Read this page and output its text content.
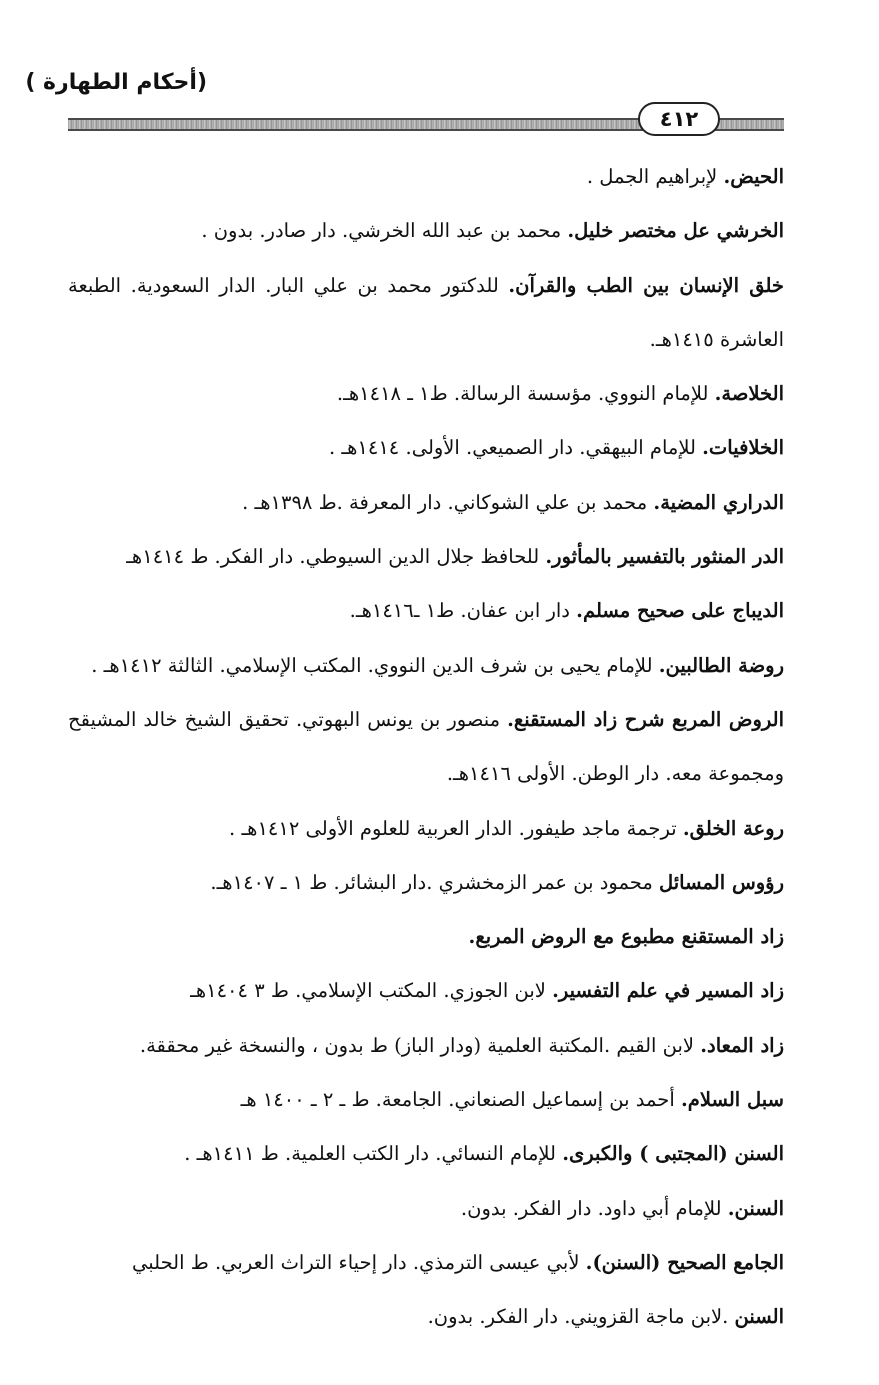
(أحكام الطهارة )
٤١٢
الحيض. لإبراهيم الجمل .
الخرشي عل مختصر خليل. محمد بن عبد الله الخرشي. دار صادر. بدون .
خلق الإنسان بين الطب والقرآن. للدكتور محمد بن علي البار. الدار السعودية. الطبعة
العاشرة ١٤١٥هـ.
الخلاصة. للإمام النووي. مؤسسة الرسالة. ط١ ـ ١٤١٨هـ.
الخلافيات. للإمام البيهقي. دار الصميعي. الأولى. ١٤١٤هـ .
الدراري المضية. محمد بن علي الشوكاني. دار المعرفة .ط ١٣٩٨هـ .
الدر المنثور بالتفسير بالمأثور. للحافظ جلال الدين السيوطي. دار الفكر. ط ١٤١٤هـ
الديباج على صحيح مسلم. دار ابن عفان. ط١ ـ١٤١٦هـ.
روضة الطالبين. للإمام يحيى بن شرف الدين النووي. المكتب الإسلامي. الثالثة ١٤١٢هـ .
الروض المربع شرح زاد المستقنع. منصور بن يونس البهوتي. تحقيق الشيخ خالد المشيقح
ومجموعة معه. دار الوطن. الأولى ١٤١٦هـ.
روعة الخلق. ترجمة ماجد طيفور. الدار العربية للعلوم الأولى ١٤١٢هـ .
رؤوس المسائل محمود بن عمر الزمخشري .دار البشائر. ط ١ ـ ١٤٠٧هـ.
زاد المستقنع مطبوع مع الروض المربع.
زاد المسير في علم التفسير. لابن الجوزي. المكتب الإسلامي. ط ٣ ١٤٠٤هـ
زاد المعاد. لابن القيم .المكتبة العلمية (ودار الباز) ط بدون ، والنسخة غير محققة.
سبل السلام. أحمد بن إسماعيل الصنعاني. الجامعة. ط ـ ٢ ـ ١٤٠٠ هـ
السنن (المجتبى ) والكبرى. للإمام النسائي. دار الكتب العلمية. ط ١٤١١هـ .
السنن. للإمام أبي داود. دار الفكر. بدون.
الجامع الصحيح (السنن). لأبي عيسى الترمذي. دار إحياء التراث العربي. ط الحلبي
السنن .لابن ماجة القزويني. دار الفكر. بدون.
